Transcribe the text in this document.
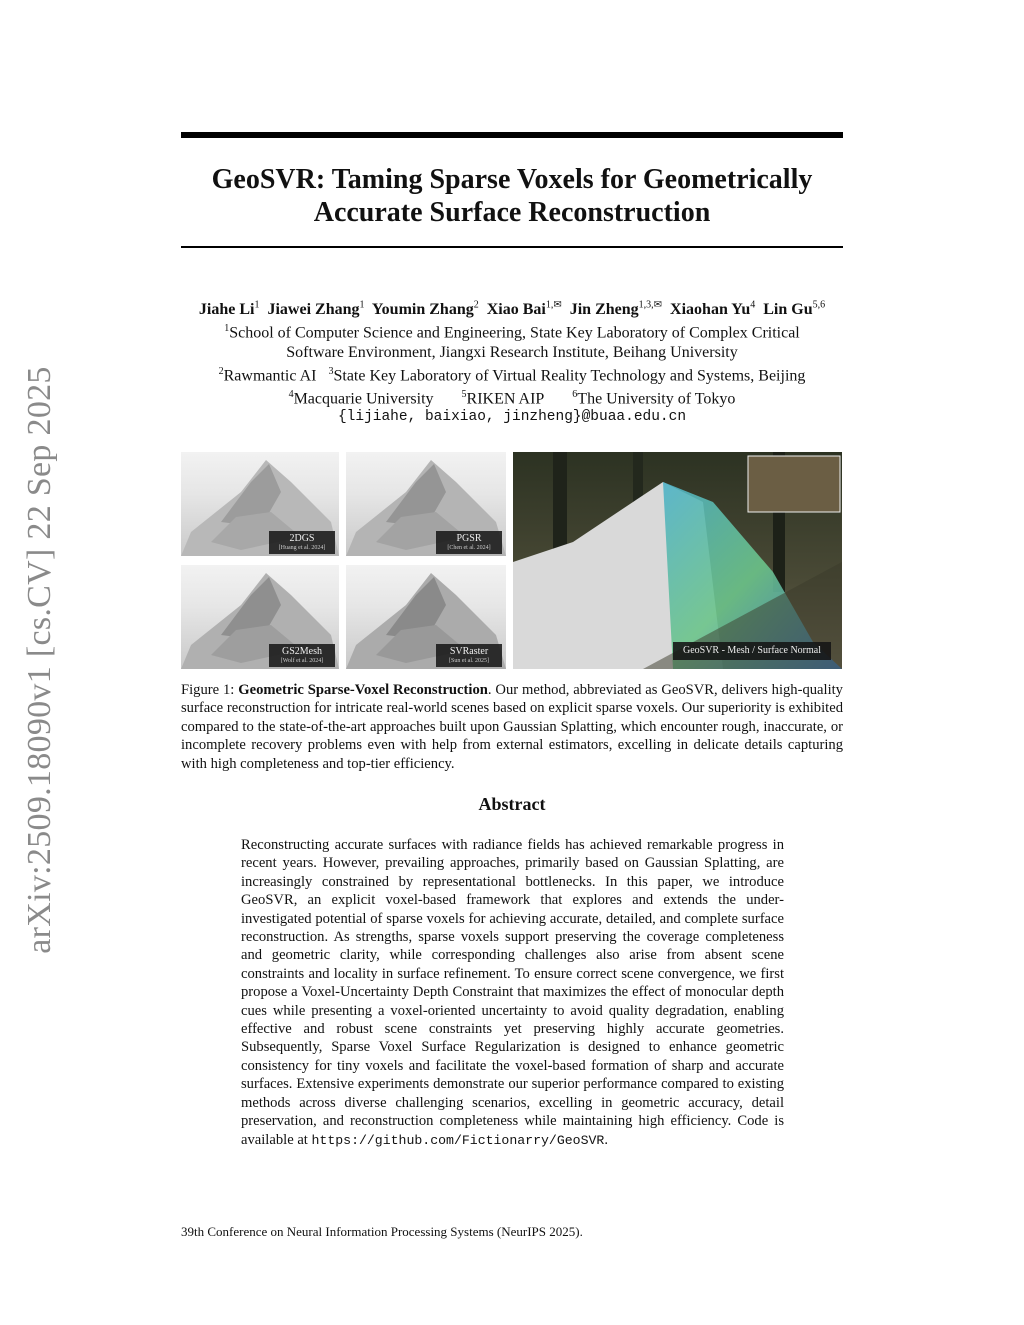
arXiv:2509.18090v1 [cs.CV] 22 Sep 2025
GeoSVR: Taming Sparse Voxels for Geometrically
Accurate Surface Reconstruction
Jiahe Li$^1$ Jiawei Zhang$^1$ Youmin Zhang$^2$ Xiao Bai$^{1,✉}$ Jin Zheng$^{1,3,✉}$ Xiaohan Yu$^4$ Lin Gu$^{5,6}$
$^1$School of Computer Science and Engineering, State Key Laboratory of Complex Critical
Software Environment, Jiangxi Research Institute, Beihang University
$^2$Rawmantic AI $^3$State Key Laboratory of Virtual Reality Technology and Systems, Beijing
$^4$Macquarie University	$^5$RIKEN AIP	$^6$The University of Tokyo
{lijiahe, baixiao, jinzheng}@buaa.edu.cn
2DGS
[Huang et al. 2024]
PGSR
[Chen et al. 2024]
GS2Mesh
[Wolf et al. 2024]
SVRaster
[Sun et al. 2025]
GeoSVR - Mesh / Surface Normal
Figure 1: Geometric Sparse-Voxel Reconstruction. Our method, abbreviated as GeoSVR, delivers high-quality surface reconstruction for intricate real-world scenes based on explicit sparse voxels. Our superiority is exhibited compared to the state-of-the-art approaches built upon Gaussian Splatting, which encounter rough, inaccurate, or incomplete recovery problems even with help from external estimators, excelling in delicate details capturing with high completeness and top-tier efficiency.
Abstract
Reconstructing accurate surfaces with radiance fields has achieved remarkable progress in recent years. However, prevailing approaches, primarily based on Gaussian Splatting, are increasingly constrained by representational bottlenecks. In this paper, we introduce GeoSVR, an explicit voxel-based framework that explores and extends the under-investigated potential of sparse voxels for achieving accurate, detailed, and complete surface reconstruction. As strengths, sparse voxels support preserving the coverage completeness and geometric clarity, while corresponding challenges also arise from absent scene constraints and locality in surface refinement. To ensure correct scene convergence, we first propose a Voxel-Uncertainty Depth Constraint that maximizes the effect of monocular depth cues while presenting a voxel-oriented uncertainty to avoid quality degradation, enabling effective and robust scene constraints yet preserving highly accurate geometries. Subsequently, Sparse Voxel Surface Regularization is designed to enhance geometric consistency for tiny voxels and facilitate the voxel-based formation of sharp and accurate surfaces. Extensive experiments demonstrate our superior performance compared to existing methods across diverse challenging scenarios, excelling in geometric accuracy, detail preservation, and reconstruction completeness while maintaining high efficiency. Code is available at https://github.com/Fictionarry/GeoSVR.
39th Conference on Neural Information Processing Systems (NeurIPS 2025).
